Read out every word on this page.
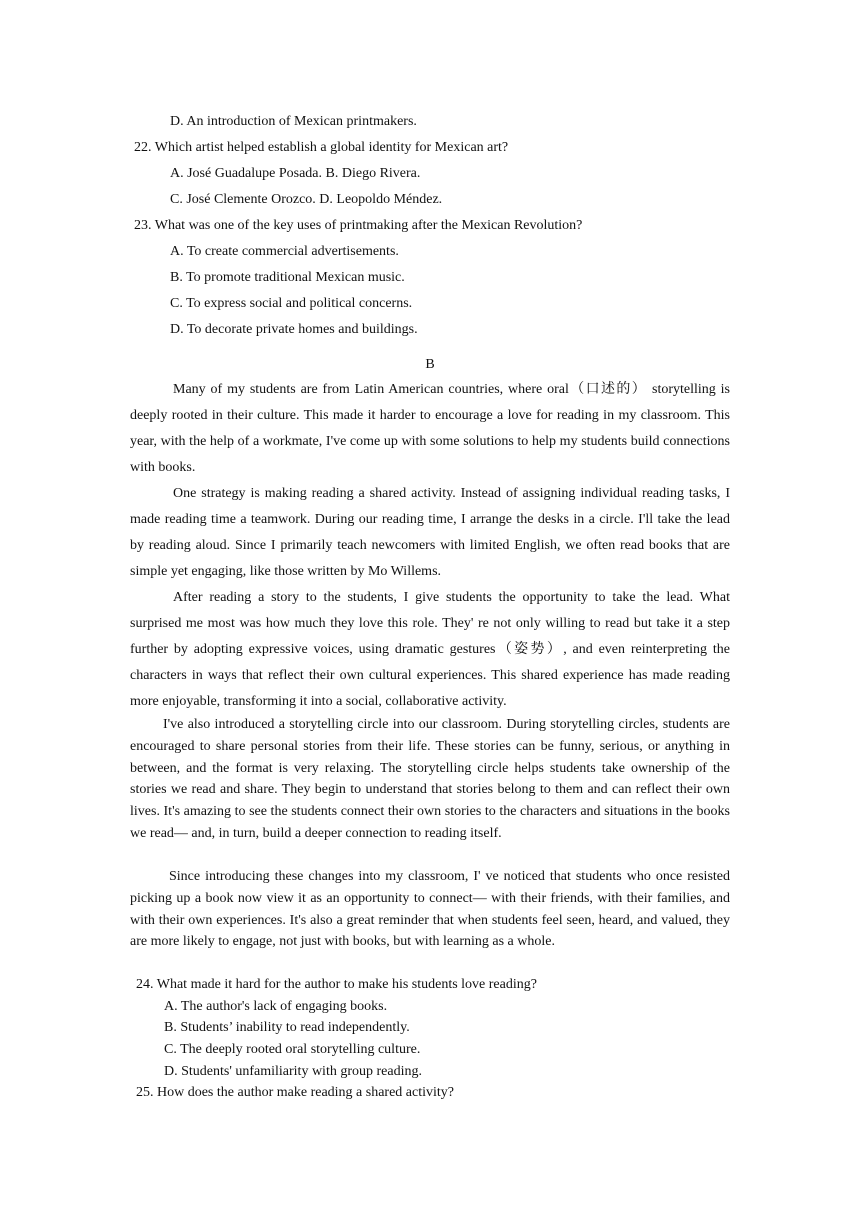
D. An introduction of Mexican printmakers.
22. Which artist helped establish a global identity for Mexican art?
A. José Guadalupe Posada. B. Diego Rivera.
C. José Clemente Orozco. D. Leopoldo Méndez.
23. What was one of the key uses of printmaking after the Mexican Revolution?
A. To create commercial advertisements.
B. To promote traditional Mexican music.
C. To express social and political concerns.
D. To decorate private homes and buildings.
B
Many of my students are from Latin American countries, where oral（口述的） storytelling is deeply rooted in their culture. This made it harder to encourage a love for reading in my classroom. This year, with the help of a workmate, I've come up with some solutions to help my students build connections with books.
One strategy is making reading a shared activity. Instead of assigning individual reading tasks, I made reading time a teamwork. During our reading time, I arrange the desks in a circle. I'll take the lead by reading aloud. Since I primarily teach newcomers with limited English, we often read books that are simple yet engaging, like those written by Mo Willems.
After reading a story to the students, I give students the opportunity to take the lead. What surprised me most was how much they love this role. They' re not only willing to read but take it a step further by adopting expressive voices, using dramatic gestures（姿势）, and even reinterpreting the characters in ways that reflect their own cultural experiences. This shared experience has made reading more enjoyable, transforming it into a social, collaborative activity.
I've also introduced a storytelling circle into our classroom. During storytelling circles, students are encouraged to share personal stories from their life. These stories can be funny, serious, or anything in between, and the format is very relaxing. The storytelling circle helps students take ownership of the stories we read and share. They begin to understand that stories belong to them and can reflect their own lives. It's amazing to see the students connect their own stories to the characters and situations in the books we read— and, in turn, build a deeper connection to reading itself.
Since introducing these changes into my classroom, I' ve noticed that students who once resisted picking up a book now view it as an opportunity to connect— with their friends, with their families, and with their own experiences. It's also a great reminder that when students feel seen, heard, and valued, they are more likely to engage, not just with books, but with learning as a whole.
24. What made it hard for the author to make his students love reading?
A. The author's lack of engaging books.
B. Students’ inability to read independently.
C. The deeply rooted oral storytelling culture.
D. Students' unfamiliarity with group reading.
25. How does the author make reading a shared activity?
